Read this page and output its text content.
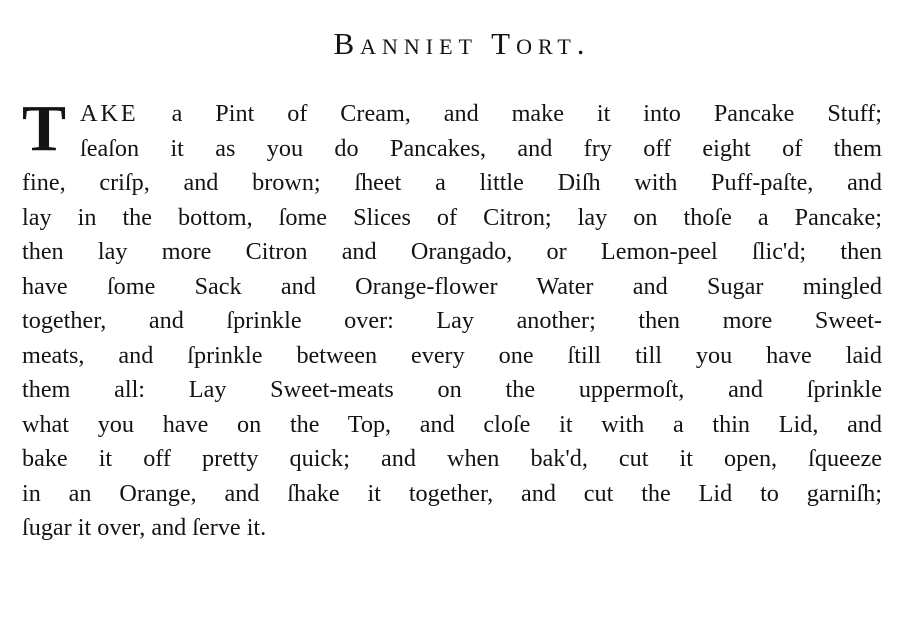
Banniet Tort.
T AKE a Pint of Cream, and make it into Pancake Stuff;
ſeaſon it as you do Pancakes, and fry off eight of them
fine, criſp, and brown; ſheet a little Diſh with Puff-paſte, and
lay in the bottom, ſome Slices of Citron; lay on thoſe a Pancake;
then lay more Citron and Orangado, or Lemon-peel ſlic'd; then
have ſome Sack and Orange-flower Water and Sugar mingled
together, and ſprinkle over: Lay another; then more Sweet-
meats, and ſprinkle between every one ſtill till you have laid
them all: Lay Sweet-meats on the uppermoſt, and ſprinkle
what you have on the Top, and cloſe it with a thin Lid, and
bake it off pretty quick; and when bak'd, cut it open, ſqueeze
in an Orange, and ſhake it together, and cut the Lid to garniſh;
ſugar it over, and ſerve it.
